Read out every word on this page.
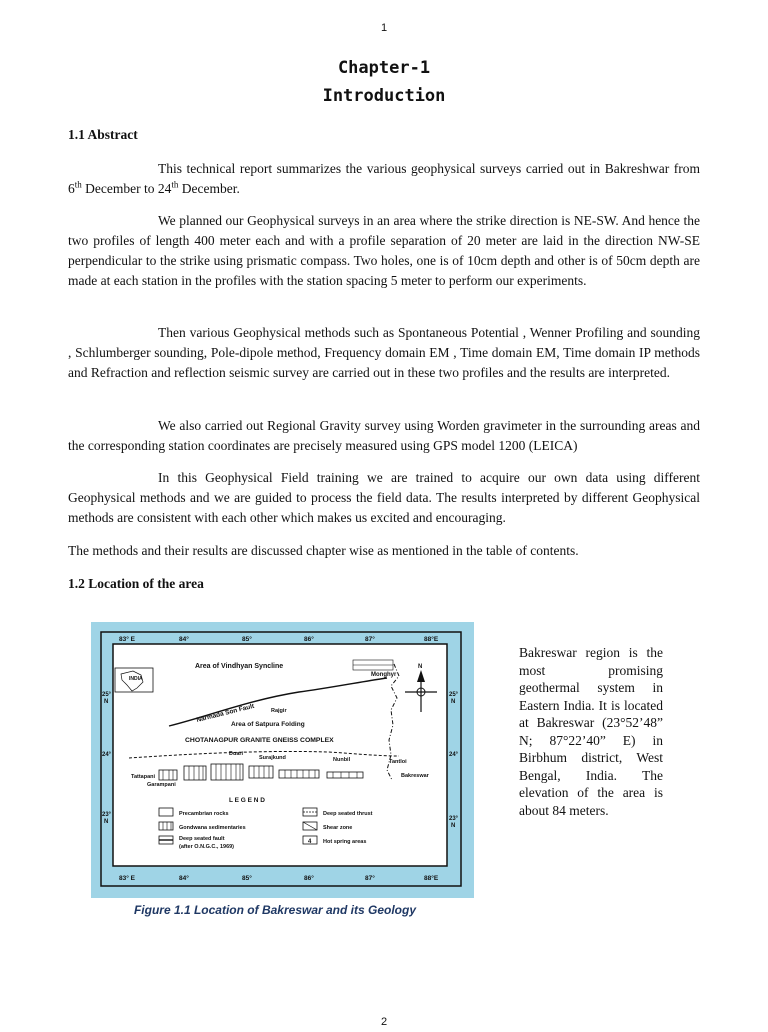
1
Chapter-1
Introduction
1.1 Abstract

This technical report summarizes the various geophysical surveys carried out in Bakreshwar from 6th December to 24th December.

We planned our Geophysical surveys in an area where the strike direction is NE-SW. And hence the two profiles of length 400 meter each and with a profile separation of 20 meter are laid in the direction NW-SE perpendicular to the strike using prismatic compass. Two holes, one is of 10cm depth and other is of 50cm depth are made at each station in the profiles with the station spacing 5 meter to perform our experiments.

Then various Geophysical methods such as Spontaneous Potential , Wenner Profiling and sounding , Schlumberger sounding, Pole-dipole method, Frequency domain EM , Time domain EM, Time domain IP methods and Refraction and reflection seismic survey are carried out in these two profiles and the results are interpreted.

We also carried out Regional Gravity survey using Worden gravimeter in the surrounding areas and the corresponding station coordinates are precisely measured using GPS model 1200 (LEICA)

In this Geophysical Field training we are trained to acquire our own data using different Geophysical methods and we are guided to process the field data. The results interpreted by different Geophysical methods are consistent with each other which makes us excited and encouraging.

The methods and their results are discussed chapter wise as mentioned in the table of contents.

1.2 Location of the area
83° E	84°	85°	86°	87°	88°E
83° E	84°	85°	86°	87°	88°E
25°
N
24°
23°
N
25°
N
24°
23°
N
INDIA
Area of Vindhyan Syncline	N
Narmada Son Fault
Monghyr
Rajgir
Area of Satpura Folding
CHOTANAGPUR GRANITE GNEISS COMPLEX
Duari
Surajkund	Nunbil	Tantloi
Tattapani
Garampani
Bakreswar
L E G E N D
Precambrian rocks
Gondwana sedimentaries
Deep seated fault
(after O.N.G.C., 1969)
Deep seated thrust
Shear zone
4 Hot spring areas

Bakreswar region is the most promising geothermal system in Eastern India. It is located at Bakreswar (23°52’48” N; 87°22’40” E) in Birbhum district, West Bengal, India. The elevation of the area is about 84 meters.

Figure 1.1 Location of Bakreswar and its Geology
2
